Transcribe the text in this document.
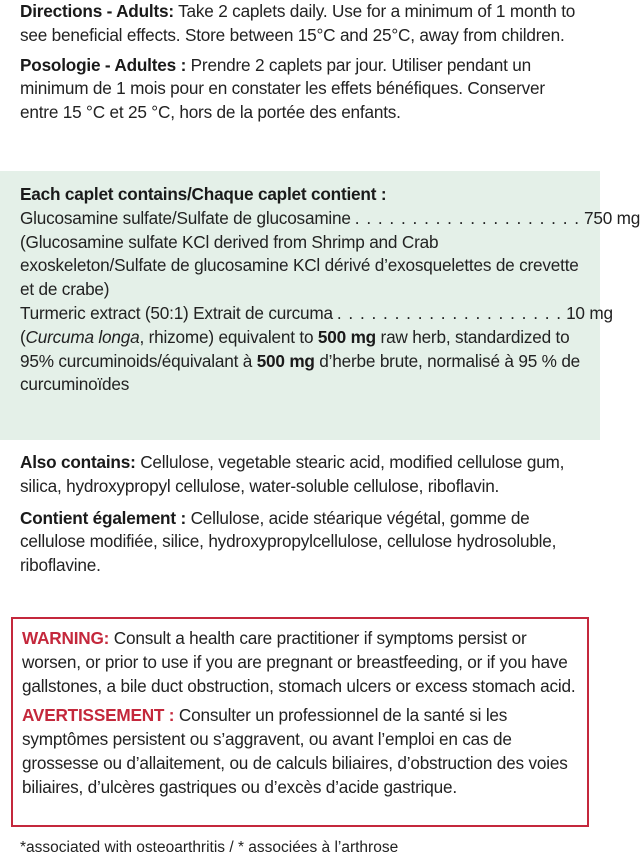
Directions - Adults: Take 2 caplets daily. Use for a minimum of 1 month to see beneficial effects. Store between 15°C and 25°C, away from children.

Posologie - Adultes : Prendre 2 caplets par jour. Utiliser pendant un minimum de 1 mois pour en constater les effets bénéfiques. Conserver entre 15 °C et 25 °C, hors de la portée des enfants.

Each caplet contains/Chaque caplet contient :

Glucosamine sulfate/Sulfate de glucosamine . . . . . . . . . . . . . . . . . . . . 750 mg

(Glucosamine sulfate KCl derived from Shrimp and Crab exoskeleton/Sulfate de glucosamine KCl dérivé d’exosquelettes de crevette et de crabe)

Turmeric extract (50:1) Extrait de curcuma . . . . . . . . . . . . . . . . . . . . 10 mg

(Curcuma longa, rhizome) equivalent to 500 mg raw herb, standardized to 95% curcuminoids/équivalant à 500 mg d’herbe brute, normalisé à 95 % de curcuminoïdes

Also contains: Cellulose, vegetable stearic acid, modified cellulose gum, silica, hydroxypropyl cellulose, water-soluble cellulose, riboflavin.

Contient également : Cellulose, acide stéarique végétal, gomme de cellulose modifiée, silice, hydroxypropylcellulose, cellulose hydrosoluble, riboflavine.

WARNING: Consult a health care practitioner if symptoms persist or worsen, or prior to use if you are pregnant or breastfeeding, or if you have gallstones, a bile duct obstruction, stomach ulcers or excess stomach acid.

AVERTISSEMENT : Consulter un professionnel de la santé si les symptômes persistent ou s’aggravent, ou avant l’emploi en cas de grossesse ou d’allaitement, ou de calculs biliaires, d’obstruction des voies biliaires, d’ulcères gastriques ou d’excès d’acide gastrique.

*associated with osteoarthritis / * associées à l’arthrose
